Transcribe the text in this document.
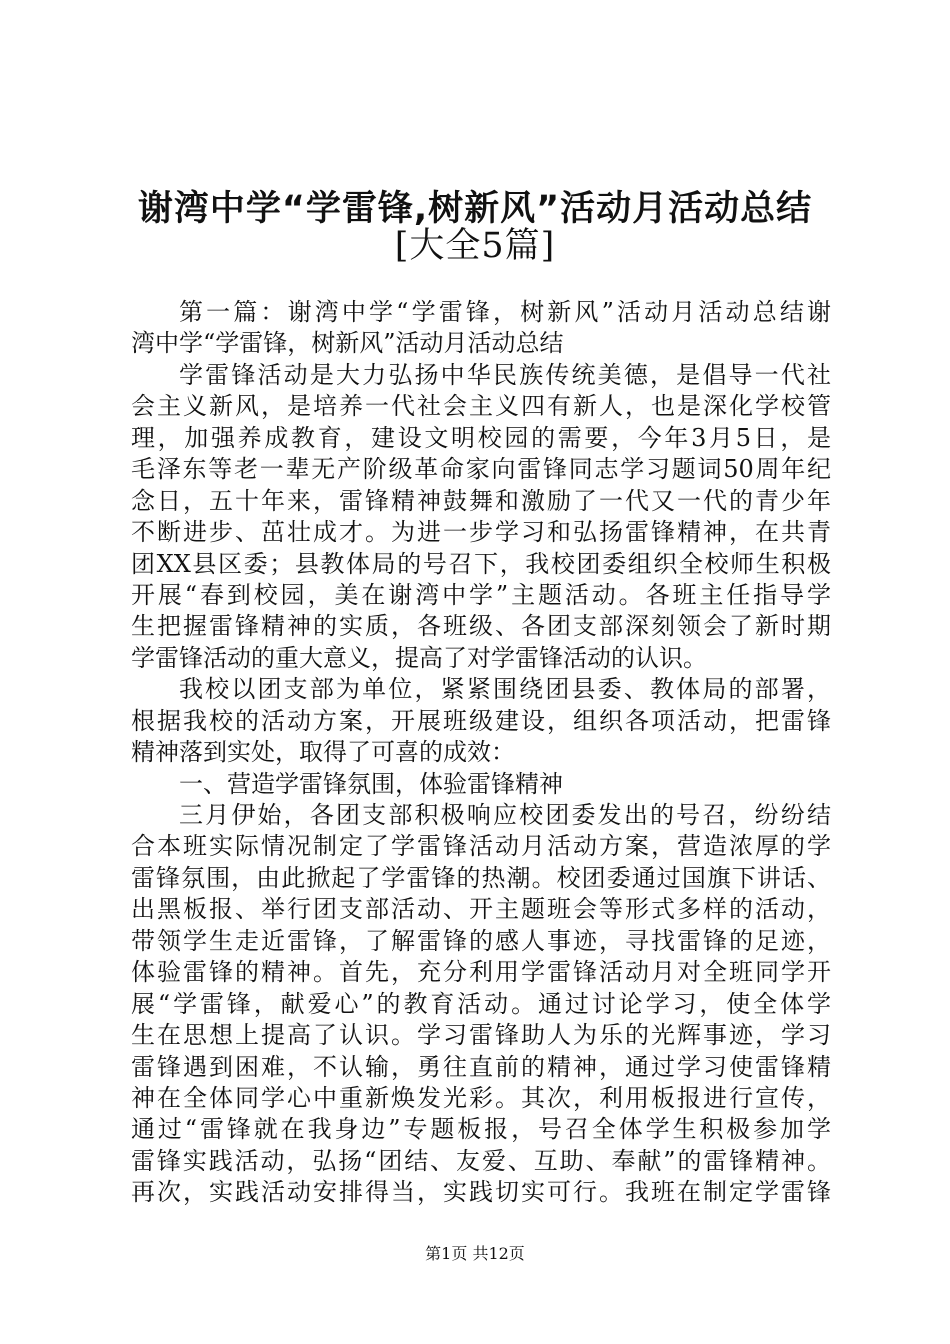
谢湾中学“学雷锋,树新风”活动月活动总结
[大全5篇]
第一篇：谢湾中学“学雷锋，树新风”活动月活动总结谢
湾中学“学雷锋，树新风”活动月活动总结
学雷锋活动是大力弘扬中华民族传统美德，是倡导一代社
会主义新风，是培养一代社会主义四有新人，也是深化学校管
理，加强养成教育，建设文明校园的需要，今年3月5日，是
毛泽东等老一辈无产阶级革命家向雷锋同志学习题词50周年纪
念日，五十年来，雷锋精神鼓舞和激励了一代又一代的青少年
不断进步、茁壮成才。为进一步学习和弘扬雷锋精神，在共青
团XX县区委；县教体局的号召下，我校团委组织全校师生积极
开展“春到校园，美在谢湾中学”主题活动。各班主任指导学
生把握雷锋精神的实质，各班级、各团支部深刻领会了新时期
学雷锋活动的重大意义，提高了对学雷锋活动的认识。
我校以团支部为单位，紧紧围绕团县委、教体局的部署，
根据我校的活动方案，开展班级建设，组织各项活动，把雷锋
精神落到实处，取得了可喜的成效：
一、营造学雷锋氛围，体验雷锋精神
三月伊始，各团支部积极响应校团委发出的号召，纷纷结
合本班实际情况制定了学雷锋活动月活动方案，营造浓厚的学
雷锋氛围，由此掀起了学雷锋的热潮。校团委通过国旗下讲话、
出黑板报、举行团支部活动、开主题班会等形式多样的活动，
带领学生走近雷锋，了解雷锋的感人事迹，寻找雷锋的足迹，
体验雷锋的精神。首先，充分利用学雷锋活动月对全班同学开
展“学雷锋，献爱心”的教育活动。通过讨论学习，使全体学
生在思想上提高了认识。学习雷锋助人为乐的光辉事迹，学习
雷锋遇到困难，不认输，勇往直前的精神，通过学习使雷锋精
神在全体同学心中重新焕发光彩。其次，利用板报进行宣传，
通过“雷锋就在我身边”专题板报，号召全体学生积极参加学
雷锋实践活动，弘扬“团结、友爱、互助、奉献”的雷锋精神。
再次，实践活动安排得当，实践切实可行。我班在制定学雷锋
第1页 共12页
